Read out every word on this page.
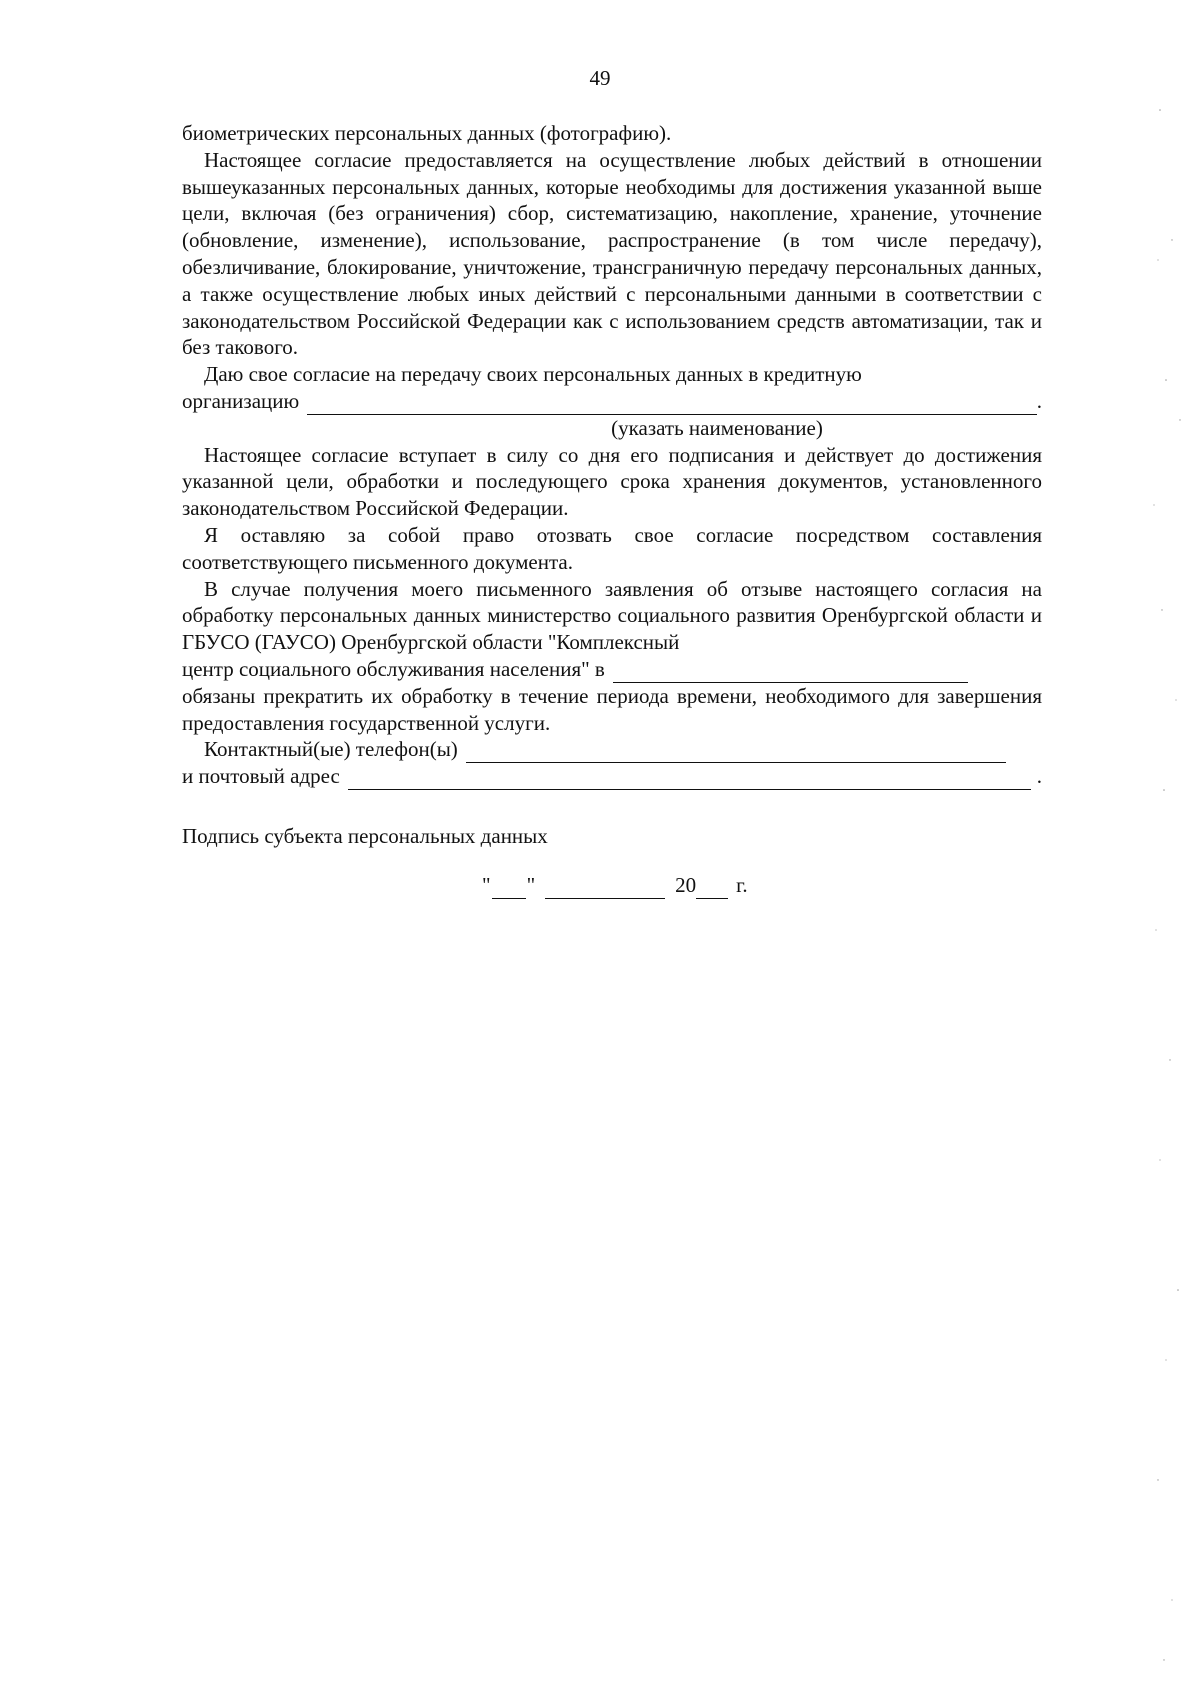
49

биометрических персональных данных (фотографию).

Настоящее согласие предоставляется на осуществление любых действий в отношении вышеуказанных персональных данных, которые необходимы для достижения указанной выше цели, включая (без ограничения) сбор, систематизацию, накопление, хранение, уточнение (обновление, изменение), использование, распространение (в том числе передачу), обезличивание, блокирование, уничтожение, трансграничную передачу персональных данных, а также осуществление любых иных действий с персональными данными в соответствии с законодательством Российской Федерации как с использованием средств автоматизации, так и без такового.

Даю свое согласие на передачу своих персональных данных в кредитную

организацию	.

(указать наименование)

Настоящее согласие вступает в силу со дня его подписания и действует до достижения указанной цели, обработки и последующего срока хранения документов, установленного законодательством Российской Федерации.

Я оставляю за собой право отозвать свое согласие посредством составления соответствующего письменного документа.

В случае получения моего письменного заявления об отзыве настоящего согласия на обработку персональных данных министерство социального развития Оренбургской области и ГБУСО (ГАУСО) Оренбургской области "Комплексный

центр социального обслуживания населения" в

обязаны прекратить их обработку в течение периода времени, необходимого для завершения предоставления государственной услуги.

Контактный(ые) телефон(ы)
и почтовый адрес	.

Подпись субъекта персональных данных

" "	20 г.
